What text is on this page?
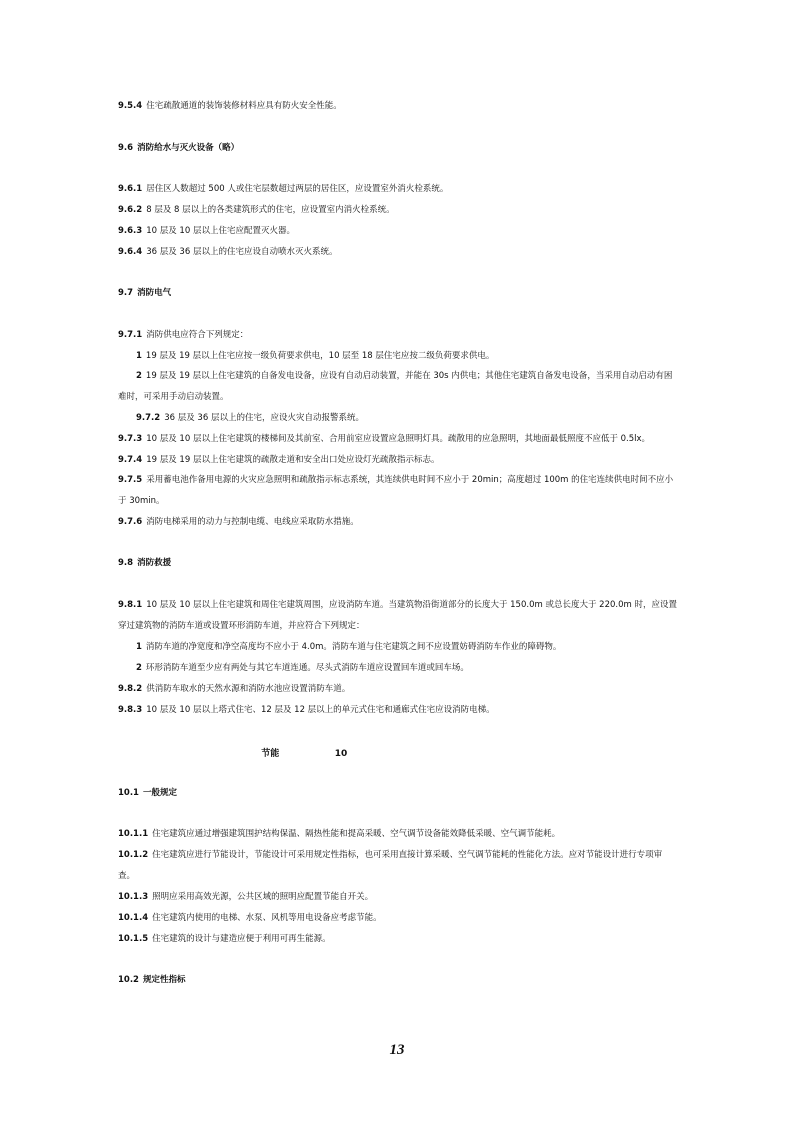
9.5.4 住宅疏散通道的装饰装修材料应具有防火安全性能。
9.6 消防给水与灭火设备（略）
9.6.1 居住区人数超过 500 人或住宅层数超过两层的居住区，应设置室外消火栓系统。
9.6.2 8 层及 8 层以上的各类建筑形式的住宅，应设置室内消火栓系统。
9.6.3 10 层及 10 层以上住宅应配置灭火器。
9.6.4 36 层及 36 层以上的住宅应设自动喷水灭火系统。
9.7 消防电气
9.7.1 消防供电应符合下列规定：
1 19 层及 19 层以上住宅应按一级负荷要求供电，10 层至 18 层住宅应按二级负荷要求供电。
2 19 层及 19 层以上住宅建筑的自备发电设备，应设有自动启动装置，并能在 30s 内供电；其他住宅建筑自备发电设备，当采用自动启动有困难时，可采用手动启动装置。
9.7.2 36 层及 36 层以上的住宅，应设火灾自动报警系统。
9.7.3 10 层及 10 层以上住宅建筑的楼梯间及其前室、合用前室应设置应急照明灯具。疏散用的应急照明，其地面最低照度不应低于 0.5lx。
9.7.4 19 层及 19 层以上住宅建筑的疏散走道和安全出口处应设灯光疏散指示标志。
9.7.5 采用蓄电池作备用电源的火灾应急照明和疏散指示标志系统，其连续供电时间不应小于 20min；高度超过 100m 的住宅连续供电时间不应小于 30min。
9.7.6 消防电梯采用的动力与控制电缆、电线应采取防水措施。
9.8 消防救援
9.8.1 10 层及 10 层以上住宅建筑和周住宅建筑周围，应设消防车道。当建筑物沿街道部分的长度大于 150.0m 或总长度大于 220.0m 时，应设置穿过建筑物的消防车道或设置环形消防车道，并应符合下列规定：
1 消防车道的净宽度和净空高度均不应小于 4.0m。消防车道与住宅建筑之间不应设置妨碍消防车作业的障碍物。
2 环形消防车道至少应有两处与其它车道连通。尽头式消防车道应设置回车道或回车场。
9.8.2 供消防车取水的天然水源和消防水池应设置消防车道。
9.8.3 10 层及 10 层以上塔式住宅、12 层及 12 层以上的单元式住宅和通廊式住宅应设消防电梯。
10节能
10.1 一般规定
10.1.1 住宅建筑应通过增强建筑围护结构保温、隔热性能和提高采暖、空气调节设备能效降低采暖、空气调节能耗。
10.1.2 住宅建筑应进行节能设计，节能设计可采用规定性指标，也可采用直接计算采暖、空气调节能耗的性能化方法。应对节能设计进行专项审查。
10.1.3 照明应采用高效光源，公共区域的照明应配置节能自开关。
10.1.4 住宅建筑内使用的电梯、水泵、风机等用电设备应考虑节能。
10.1.5 住宅建筑的设计与建造应便于利用可再生能源。
10.2 规定性指标
13
